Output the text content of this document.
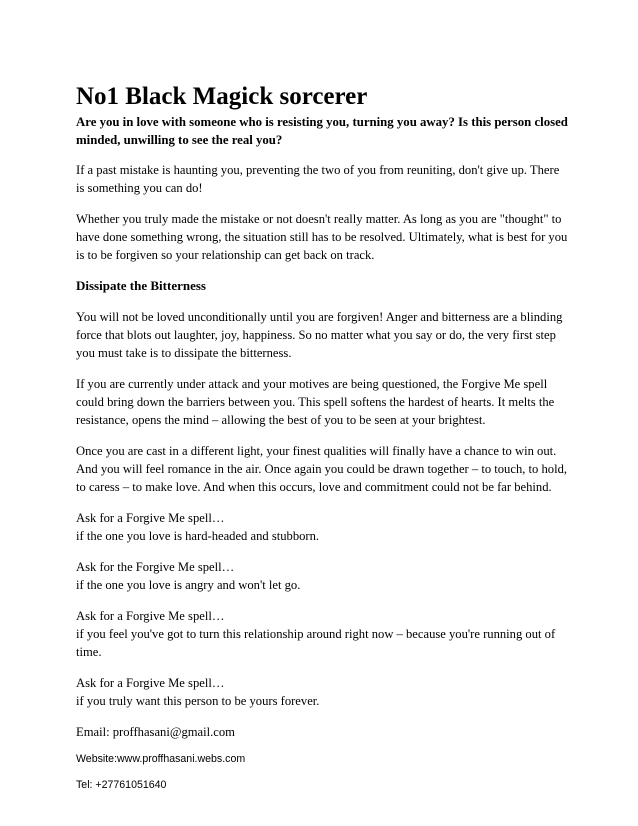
No1 Black Magick sorcerer
Are you in love with someone who is resisting you, turning you away? Is this person closed minded, unwilling to see the real you?

If a past mistake is haunting you, preventing the two of you from reuniting, don't give up. There is something you can do!

Whether you truly made the mistake or not doesn't really matter. As long as you are "thought" to have done something wrong, the situation still has to be resolved. Ultimately, what is best for you is to be forgiven so your relationship can get back on track.

Dissipate the Bitterness

You will not be loved unconditionally until you are forgiven! Anger and bitterness are a blinding force that blots out laughter, joy, happiness. So no matter what you say or do, the very first step you must take is to dissipate the bitterness.

If you are currently under attack and your motives are being questioned, the Forgive Me spell could bring down the barriers between you. This spell softens the hardest of hearts. It melts the resistance, opens the mind – allowing the best of you to be seen at your brightest.

Once you are cast in a different light, your finest qualities will finally have a chance to win out. And you will feel romance in the air. Once again you could be drawn together – to touch, to hold, to caress – to make love. And when this occurs, love and commitment could not be far behind.

Ask for a Forgive Me spell…
if the one you love is hard-headed and stubborn.
Ask for the Forgive Me spell…
if the one you love is angry and won't let go.
Ask for a Forgive Me spell…
if you feel you've got to turn this relationship around right now – because you're running out of time.
Ask for a Forgive Me spell…
if you truly want this person to be yours forever.
Email: proffhasani@gmail.com
Website:www.proffhasani.webs.com
Tel: +27761051640
